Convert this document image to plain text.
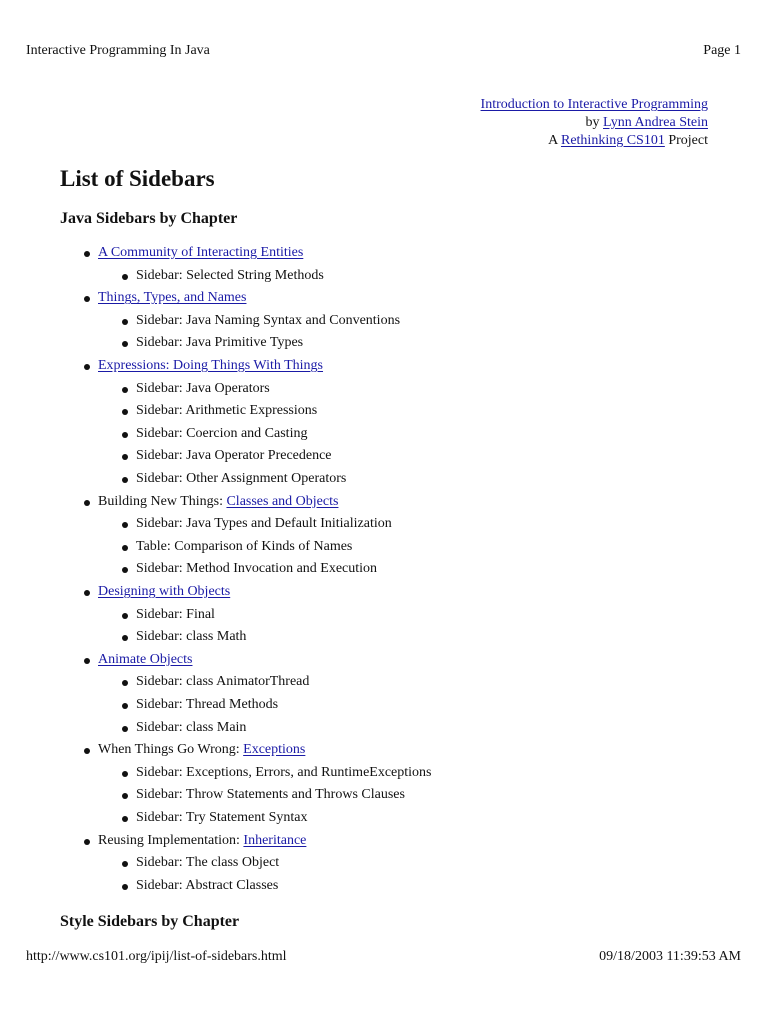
Interactive Programming In Java	Page 1
Introduction to Interactive Programming
by Lynn Andrea Stein
A Rethinking CS101 Project
List of Sidebars
Java Sidebars by Chapter
A Community of Interacting Entities
Sidebar: Selected String Methods
Things, Types, and Names
Sidebar: Java Naming Syntax and Conventions
Sidebar: Java Primitive Types
Expressions: Doing Things With Things
Sidebar: Java Operators
Sidebar: Arithmetic Expressions
Sidebar: Coercion and Casting
Sidebar: Java Operator Precedence
Sidebar: Other Assignment Operators
Building New Things: Classes and Objects
Sidebar: Java Types and Default Initialization
Table: Comparison of Kinds of Names
Sidebar: Method Invocation and Execution
Designing with Objects
Sidebar: Final
Sidebar: class Math
Animate Objects
Sidebar: class AnimatorThread
Sidebar: Thread Methods
Sidebar: class Main
When Things Go Wrong: Exceptions
Sidebar: Exceptions, Errors, and RuntimeExceptions
Sidebar: Throw Statements and Throws Clauses
Sidebar: Try Statement Syntax
Reusing Implementation: Inheritance
Sidebar: The class Object
Sidebar: Abstract Classes
Style Sidebars by Chapter
http://www.cs101.org/ipij/list-of-sidebars.html	09/18/2003 11:39:53 AM
